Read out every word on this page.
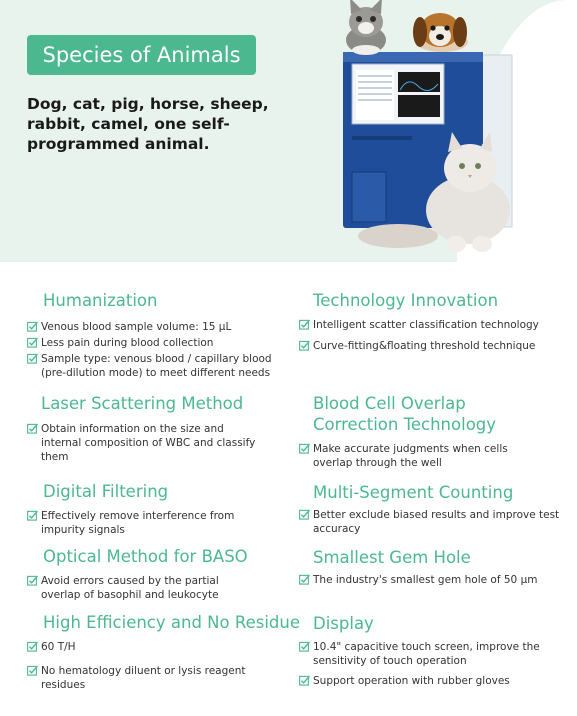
Species of Animals
Dog, cat, pig, horse, sheep, rabbit, camel, one self-programmed animal.
Humanization
Venous blood sample volume: 15 µL
Less pain during blood collection
Sample type: venous blood / capillary blood (pre-dilution mode) to meet different needs
Laser Scattering Method
Obtain information on the size and internal composition of WBC and classify them
Digital Filtering
Effectively remove interference from impurity signals
Optical Method for BASO
Avoid errors caused by the partial overlap of basophil and leukocyte
High Efficiency and No Residue
60 T/H
No hematology diluent or lysis reagent residues
Technology Innovation
Intelligent scatter classification technology
Curve-fitting&floating threshold technique
Blood Cell Overlap
Correction Technology
Make accurate judgments when cells overlap through the well
Multi-Segment Counting
Better exclude biased results and improve test accuracy
Smallest Gem Hole
The industry's smallest gem hole of 50 µm
Display
10.4" capacitive touch screen, improve the sensitivity of touch operation
Support operation with rubber gloves
